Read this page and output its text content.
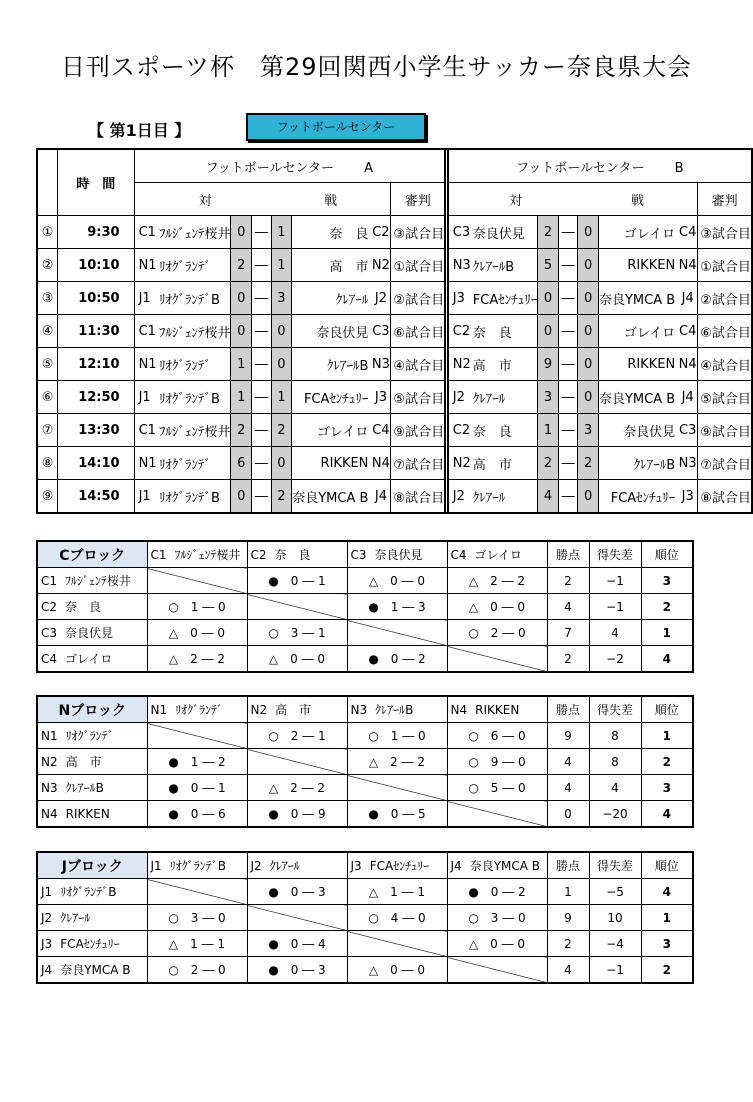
日刊スポーツ杯　第29回関西小学生サッカー奈良県大会
【 第1日目 】	フットボールセンター
	時　間	フットボールセンター　　 A									フットボールセンター　　 B							
			対			戦			審判			対			戦			審判
①	9:30	C1	ﾌﾙｼﾞｪﾝﾃ桜井	0	―	1	奈　良	C2	③試合目		C3	奈良伏見	2	―	0	ゴレイロ	C4	③試合目
②	10:10	N1	ﾘｵｸﾞﾗﾝﾃﾞ	2	―	1	高　市	N2	①試合目		N3	ｸﾚｱｰﾙB	5	―	0	RIKKEN	N4	①試合目
③	10:50	J1	ﾘｵｸﾞﾗﾝﾃﾞB	0	―	3	ｸﾚｱｰﾙ	J2	②試合目		J3	FCAｾﾝﾁｭﾘｰ	0	―	0	奈良YMCA B	J4	②試合目
④	11:30	C1	ﾌﾙｼﾞｪﾝﾃ桜井	0	―	0	奈良伏見	C3	⑥試合目		C2	奈　良	0	―	0	ゴレイロ	C4	⑥試合目
⑤	12:10	N1	ﾘｵｸﾞﾗﾝﾃﾞ	1	―	0	ｸﾚｱｰﾙB	N3	④試合目		N2	高　市	9	―	0	RIKKEN	N4	④試合目
⑥	12:50	J1	ﾘｵｸﾞﾗﾝﾃﾞB	1	―	1	FCAｾﾝﾁｭﾘｰ	J3	⑤試合目		J2	ｸﾚｱｰﾙ	3	―	0	奈良YMCA B	J4	⑤試合目
⑦	13:30	C1	ﾌﾙｼﾞｪﾝﾃ桜井	2	―	2	ゴレイロ	C4	⑨試合目		C2	奈　良	1	―	3	奈良伏見	C3	⑨試合目
⑧	14:10	N1	ﾘｵｸﾞﾗﾝﾃﾞ	6	―	0	RIKKEN	N4	⑦試合目		N2	高　市	2	―	2	ｸﾚｱｰﾙB	N3	⑦試合目
⑨	14:50	J1	ﾘｵｸﾞﾗﾝﾃﾞB	0	―	2	奈良YMCA B	J4	⑧試合目		J2	ｸﾚｱｰﾙ	4	―	0	FCAｾﾝﾁｭﾘｰ	J3	⑧試合目
Cブロック	C1 ﾌﾙｼﾞｪﾝﾃ桜井	C2 奈　良	C3 奈良伏見	C4 ゴレイロ	勝点	得失差	順位
C1 ﾌﾙｼﾞｪﾝﾃ桜井		●　0 ― 1	△　0 ― 0	△　2 ― 2	2	−1	3
C2 奈　良	○　1 ― 0		●　1 ― 3	△　0 ― 0	4	−1	2
C3 奈良伏見	△　0 ― 0	○　3 ― 1		○　2 ― 0	7	4	1
C4 ゴレイロ	△　2 ― 2	△　0 ― 0	●　0 ― 2		2	−2	4
Nブロック	N1 ﾘｵｸﾞﾗﾝﾃﾞ	N2 高　市	N3 ｸﾚｱｰﾙB	N4 RIKKEN	勝点	得失差	順位
N1 ﾘｵｸﾞﾗﾝﾃﾞ		○　2 ― 1	○　1 ― 0	○　6 ― 0	9	8	1
N2 高　市	●　1 ― 2		△　2 ― 2	○　9 ― 0	4	8	2
N3 ｸﾚｱｰﾙB	●　0 ― 1	△　2 ― 2		○　5 ― 0	4	4	3
N4 RIKKEN	●　0 ― 6	●　0 ― 9	●　0 ― 5		0	−20	4
Jブロック	J1 ﾘｵｸﾞﾗﾝﾃﾞB	J2 ｸﾚｱｰﾙ	J3 FCAｾﾝﾁｭﾘｰ	J4 奈良YMCA B	勝点	得失差	順位
J1 ﾘｵｸﾞﾗﾝﾃﾞB		●　0 ― 3	△　1 ― 1	●　0 ― 2	1	−5	4
J2 ｸﾚｱｰﾙ	○　3 ― 0		○　4 ― 0	○　3 ― 0	9	10	1
J3 FCAｾﾝﾁｭﾘｰ	△　1 ― 1	●　0 ― 4		△　0 ― 0	2	−4	3
J4 奈良YMCA B	○　2 ― 0	●　0 ― 3	△　0 ― 0		4	−1	2
